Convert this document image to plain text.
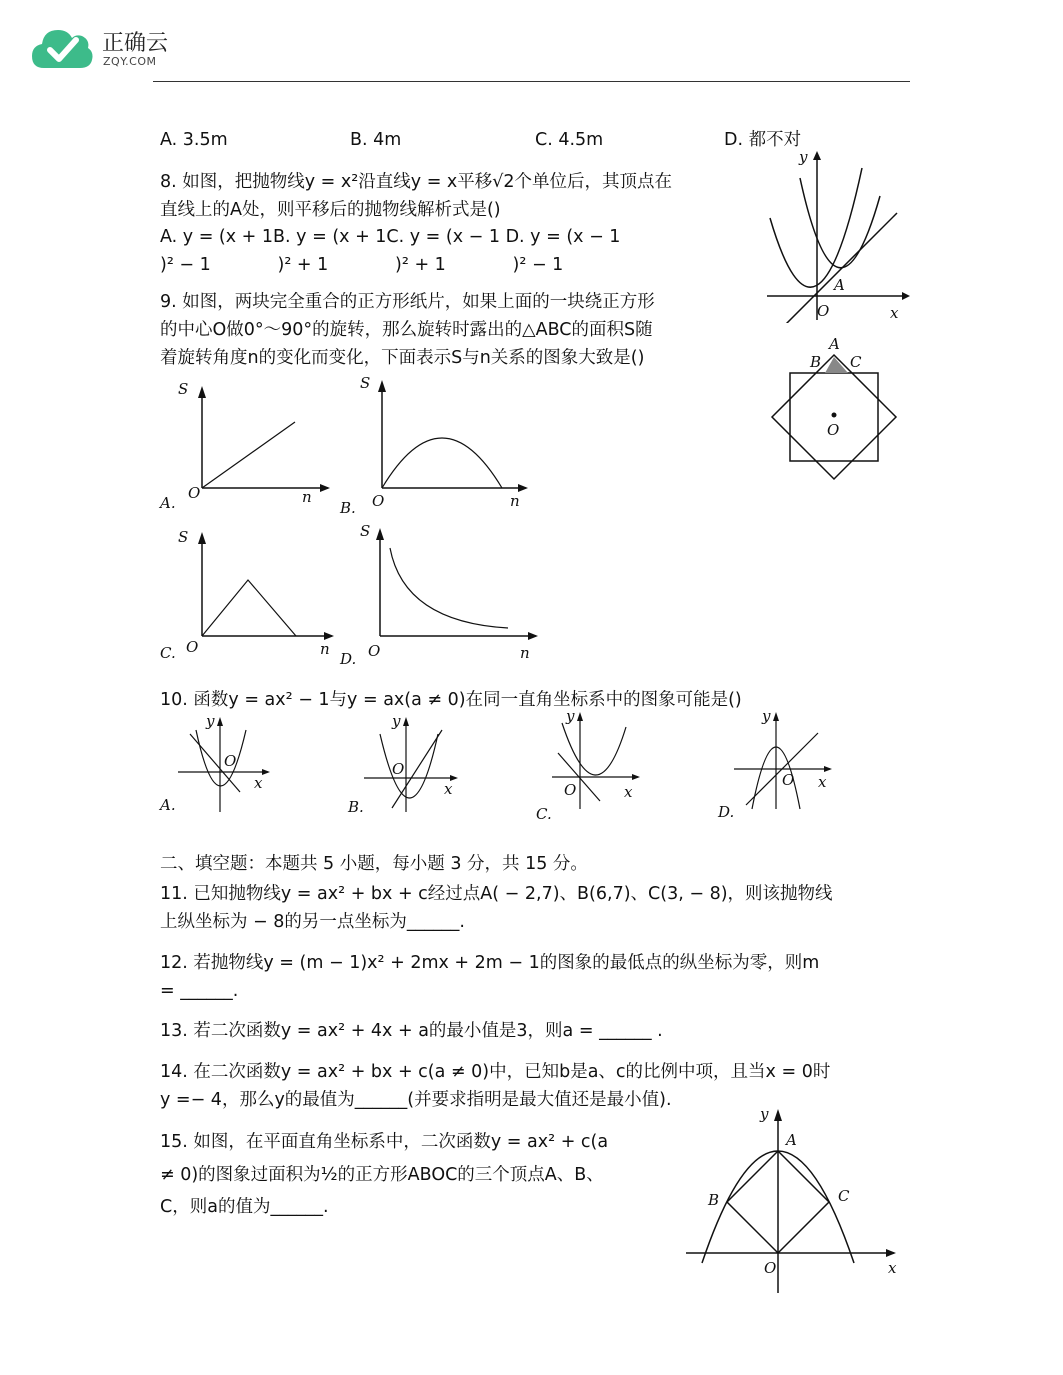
正确云
ZQY.COM
A. 3.5m	B. 4m	C. 4.5m	D. 都不对
8. 如图，把抛物线y = x²沿直线y = x平移√2个单位后，其顶点在
直线上的A处，则平移后的抛物线解析式是()
A. y = (x + 1B. y = (x + 1C. y = (x − 1 D. y = (x − 1
)² − 1            )² + 1            )² + 1            )² − 1
y
x
O
A
9. 如图，两块完全重合的正方形纸片，如果上面的一块绕正方形
的中心O做0°～90°的旋转，那么旋转时露出的△ABC的面积S随
着旋转角度n的变化而变化，下面表示S与n关系的图象大致是()
A
B C
O
S
O	n
A.
S
O	n
B.
S
O	n
C.
S
O	n
D.
10. 函数y = ax² − 1与y = ax(a ≠ 0)在同一直角坐标系中的图象可能是()
y
x
O
A.
y
x
O
B.
y
x
O
C.
y
x
O
D.
二、填空题：本题共 5 小题，每小题 3 分，共 15 分。
11. 已知抛物线y = ax² + bx + c经过点A( − 2,7)、B(6,7)、C(3, − 8)，则该抛物线
上纵坐标为 − 8的另一点坐标为______.
12. 若抛物线y = (m − 1)x² + 2mx + 2m − 1的图象的最低点的纵坐标为零，则m
= ______.
13. 若二次函数y = ax² + 4x + a的最小值是3，则a = ______ .
14. 在二次函数y = ax² + bx + c(a ≠ 0)中，已知b是a、c的比例中项，且当x = 0时
y =− 4，那么y的最值为______(并要求指明是最大值还是最小值).
15. 如图，在平面直角坐标系中，二次函数y = ax² + c(a
≠ 0)的图象过面积为½的正方形ABOC的三个顶点A、B、
C，则a的值为______.
y
x
O
A
B	C
